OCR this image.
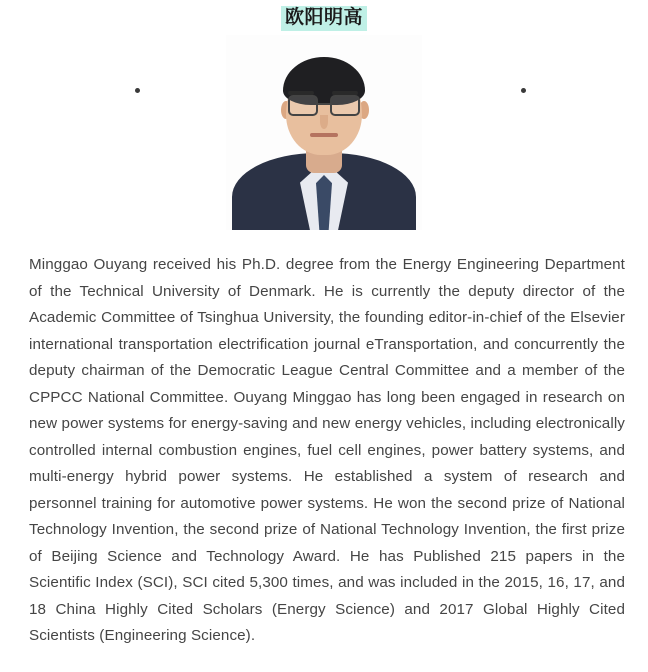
欧阳明高

Minggao Ouyang received his Ph.D. degree from the Energy Engineering Department of the Technical University of Denmark. He is currently the deputy director of the Academic Committee of Tsinghua University, the founding editor-in-chief of the Elsevier international transportation electrification journal eTransportation, and concurrently the deputy chairman of the Democratic League Central Committee and a member of the CPPCC National Committee. Ouyang Minggao has long been engaged in research on new power systems for energy-saving and new energy vehicles, including electronically controlled internal combustion engines, fuel cell engines, power battery systems, and multi-energy hybrid power systems. He established a system of research and personnel training for automotive power systems. He won the second prize of National Technology Invention, the second prize of National Technology Invention, the first prize of Beijing Science and Technology Award. He has Published 215 papers in the Scientific Index (SCI), SCI cited 5,300 times, and was included in the 2015, 16, 17, and 18 China Highly Cited Scholars (Energy Science) and 2017 Global Highly Cited Scientists (Engineering Science).
